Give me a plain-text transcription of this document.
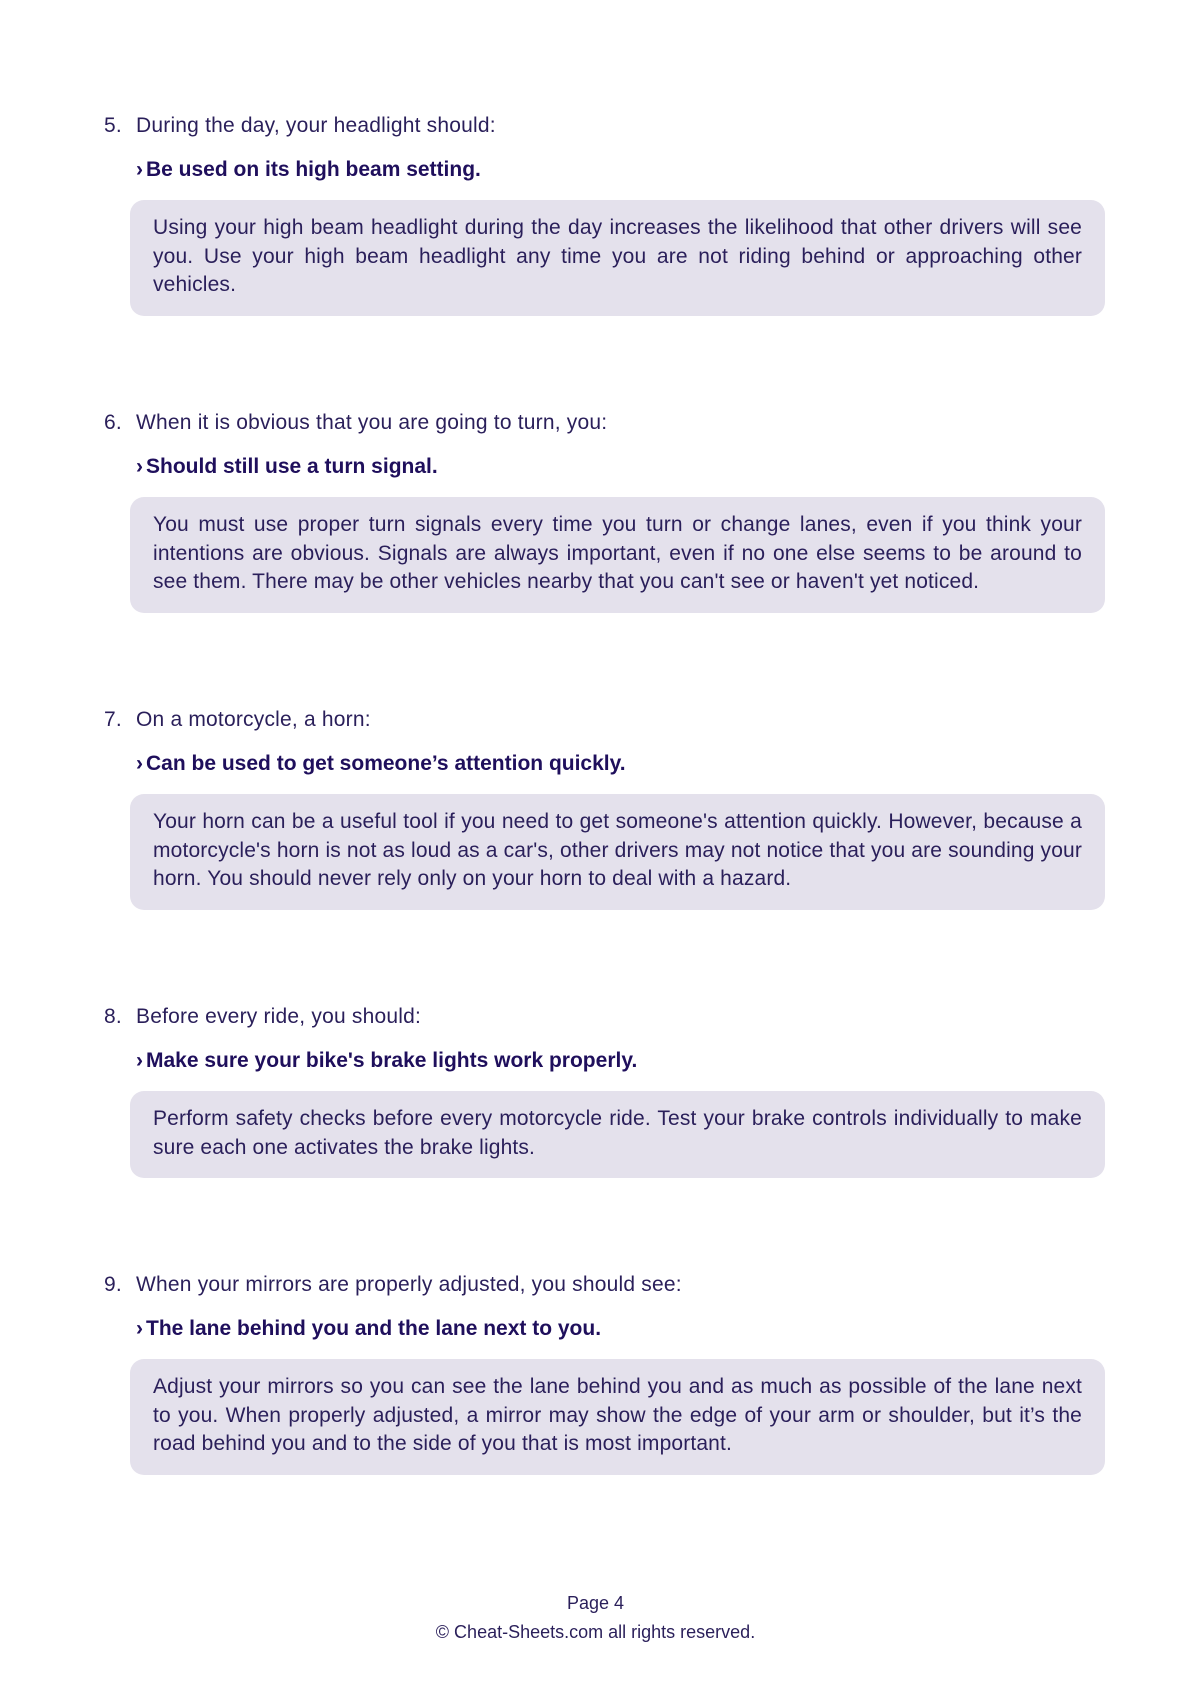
5. During the day, your headlight should:
› Be used on its high beam setting.
Using your high beam headlight during the day increases the likelihood that other drivers will see you. Use your high beam headlight any time you are not riding behind or approaching other vehicles.
6. When it is obvious that you are going to turn, you:
› Should still use a turn signal.
You must use proper turn signals every time you turn or change lanes, even if you think your intentions are obvious. Signals are always important, even if no one else seems to be around to see them. There may be other vehicles nearby that you can't see or haven't yet noticed.
7. On a motorcycle, a horn:
› Can be used to get someone’s attention quickly.
Your horn can be a useful tool if you need to get someone's attention quickly. However, because a motorcycle's horn is not as loud as a car's, other drivers may not notice that you are sounding your horn. You should never rely only on your horn to deal with a hazard.
8. Before every ride, you should:
› Make sure your bike's brake lights work properly.
Perform safety checks before every motorcycle ride. Test your brake controls individually to make sure each one activates the brake lights.
9. When your mirrors are properly adjusted, you should see:
› The lane behind you and the lane next to you.
Adjust your mirrors so you can see the lane behind you and as much as possible of the lane next to you. When properly adjusted, a mirror may show the edge of your arm or shoulder, but it’s the road behind you and to the side of you that is most important.
Page 4
© Cheat-Sheets.com all rights reserved.
